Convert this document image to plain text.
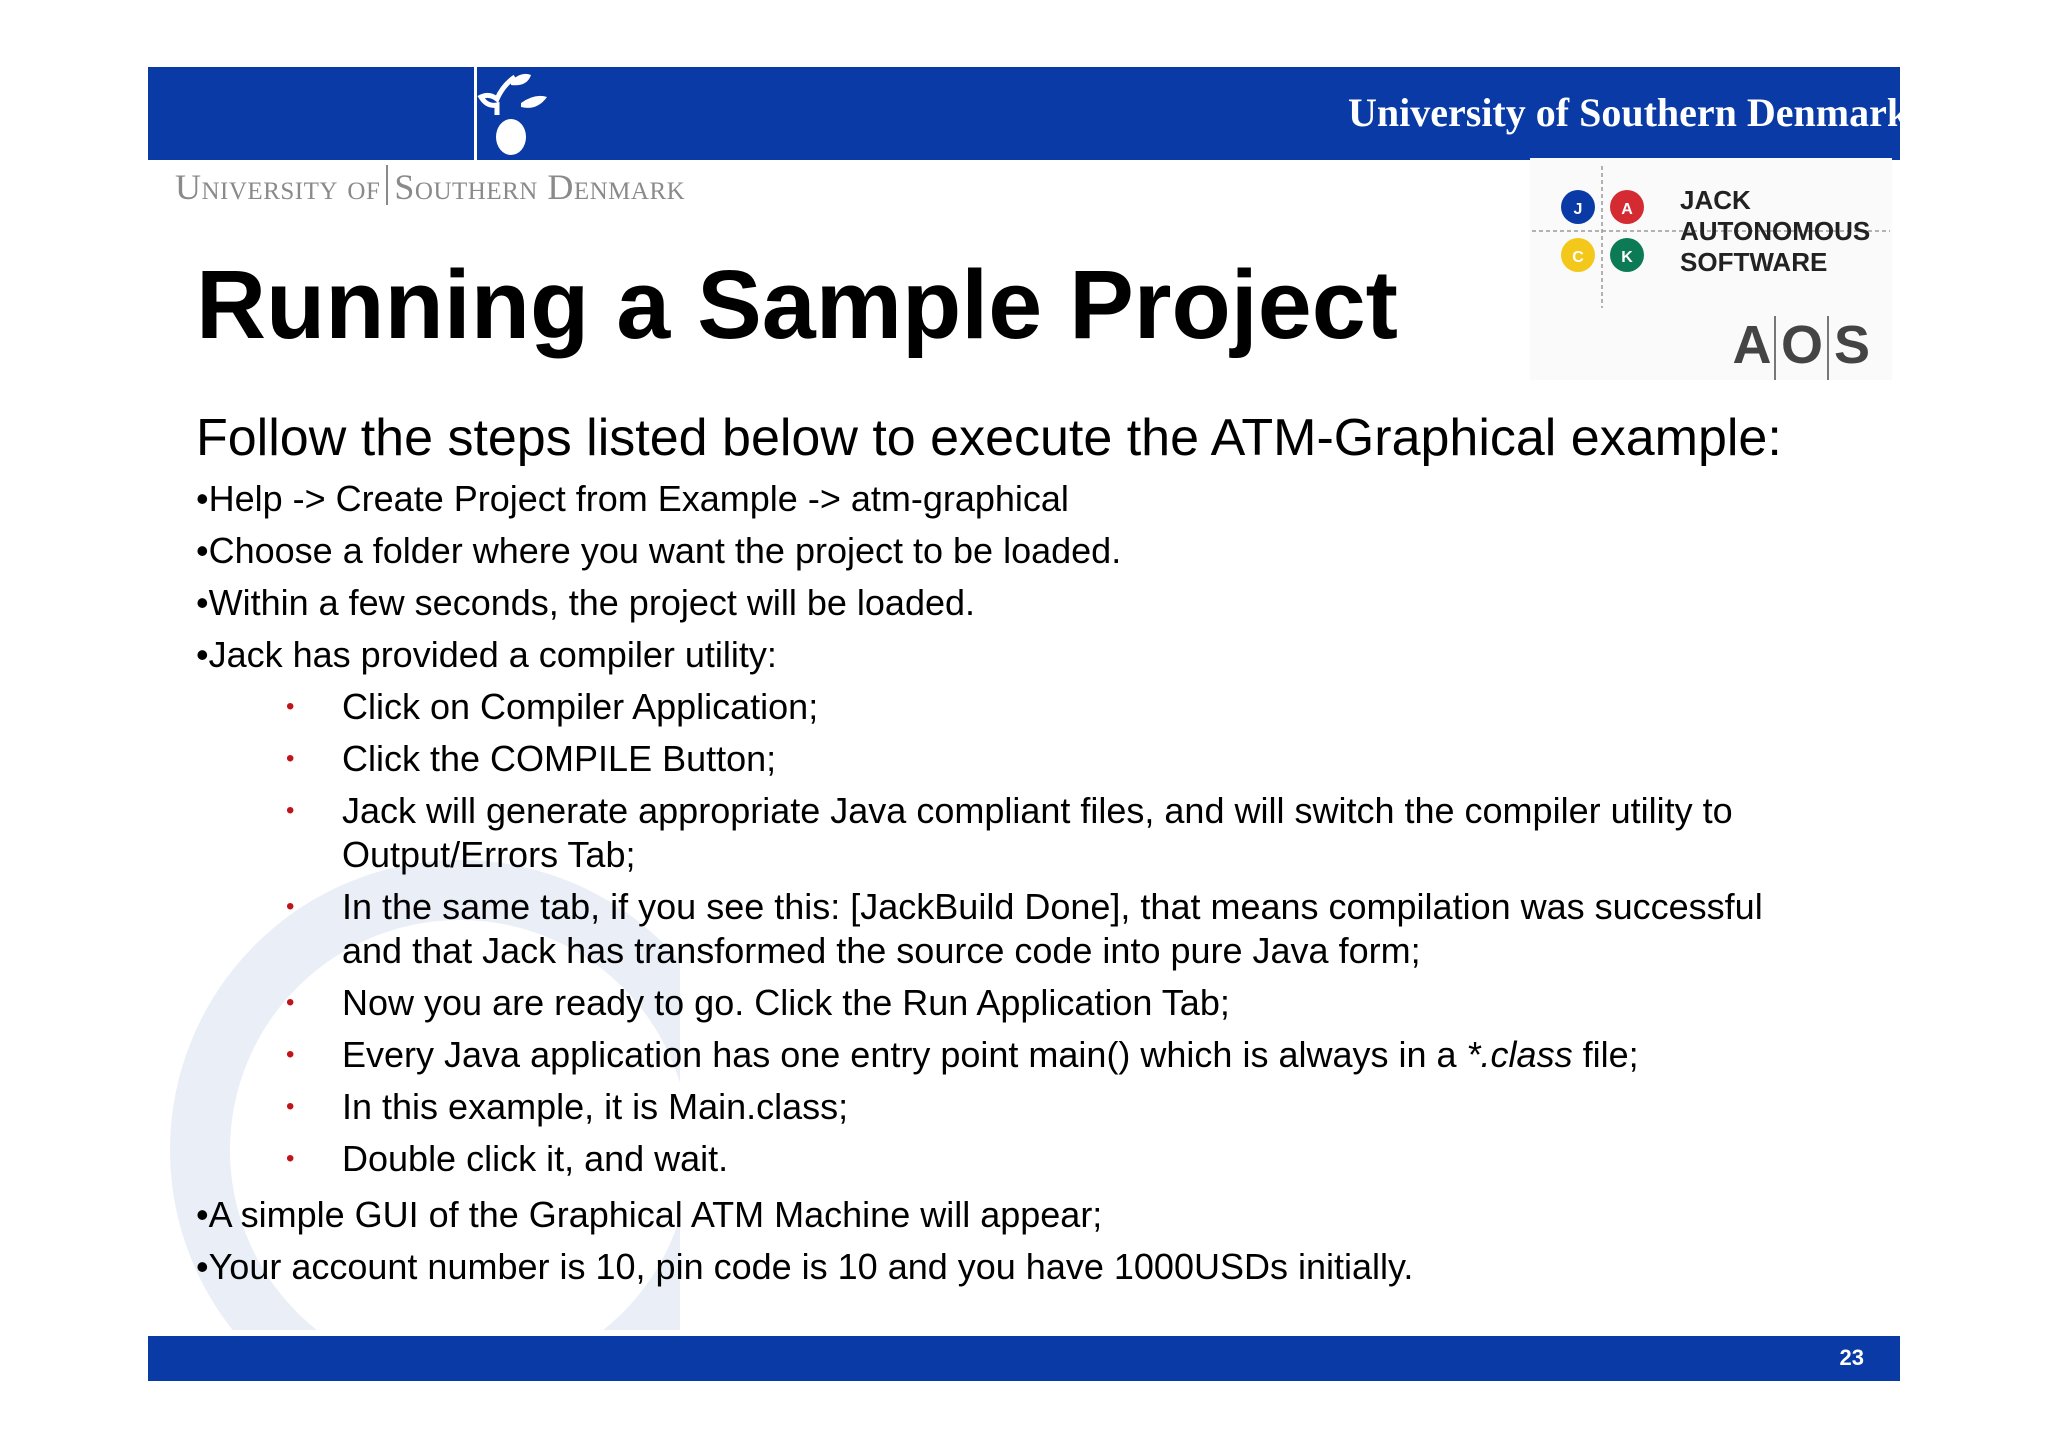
University of Southern Denmark
University of Southern Denmark
J A
C K
JACK
AUTONOMOUS
SOFTWARE
A O S
Running a Sample Project
Follow the steps listed below to execute the ATM-Graphical example:
•Help -> Create Project from Example -> atm-graphical
•Choose a folder where you want the project to be loaded.
•Within a few seconds, the project will be loaded.
•Jack has provided a compiler utility:
•	Click on Compiler Application;
•	Click the COMPILE Button;
•	Jack will generate appropriate Java compliant files, and will switch the compiler utility to Output/Errors Tab;
•	In the same tab, if you see this: [JackBuild Done], that means compilation was successful and that Jack has transformed the source code into pure Java form;
•	Now you are ready to go. Click the Run Application Tab;
•	Every Java application has one entry point main() which is always in a *.class file;
•	In this example, it is Main.class;
•	Double click it, and wait.
•A simple GUI of the Graphical ATM Machine will appear;
•Your account number is 10, pin code is 10 and you have 1000USDs initially.
23
